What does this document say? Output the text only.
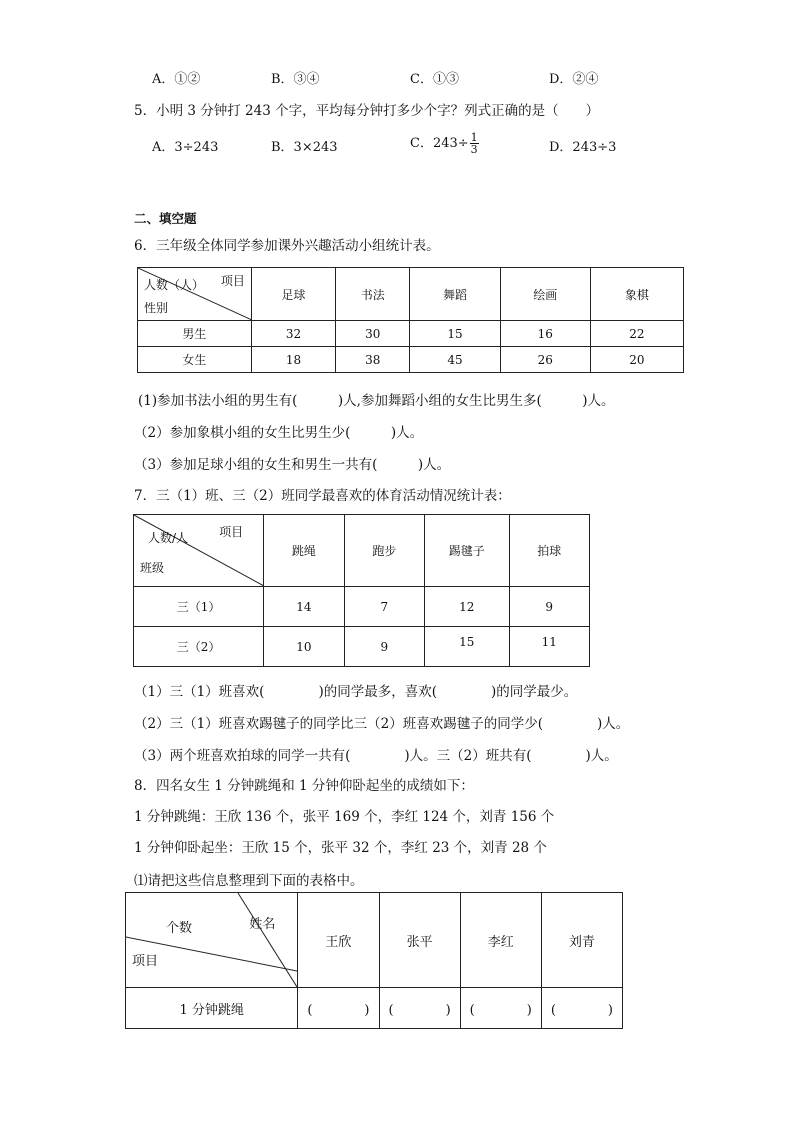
A．①②	B．③④	C．①③	D．②④
5．小明 3 分钟打 243 个字，平均每分钟打多少个字？列式正确的是（　　）
A．3÷243	B．3×243	C．$243\div \frac{1}{3}$	D．243÷3
二、填空题
6．三年级全体同学参加课外兴趣活动小组统计表。
项目
人数（人）
性别	足球	书法	舞蹈	绘画	象棋
男生	32	30	15	16	22
女生	18	38	45	26	20
(1)参加书法小组的男生有(　　　)人,参加舞蹈小组的女生比男生多(　　　)人。
（2）参加象棋小组的女生比男生少(　　　)人。
（3）参加足球小组的女生和男生一共有(　　　)人。
7．三（1）班、三（2）班同学最喜欢的体育活动情况统计表：
项目
人数/人
班级	跳绳	跑步	踢毽子	拍球
三（1）	14	7	12	9
三（2）	10	9	15	11
（1）三（1）班喜欢(　　　　)的同学最多，喜欢(　　　　)的同学最少。
（2）三（1）班喜欢踢毽子的同学比三（2）班喜欢踢毽子的同学少(　　　　)人。
（3）两个班喜欢拍球的同学一共有(　　　　)人。三（2）班共有(　　　　)人。
8．四名女生 1 分钟跳绳和 1 分钟仰卧起坐的成绩如下：
1 分钟跳绳：王欣 136 个，张平 169 个，李红 124 个，刘青 156 个
1 分钟仰卧起坐：王欣 15 个，张平 32 个，李红 23 个，刘青 28 个
⑴请把这些信息整理到下面的表格中。
姓名
个数
项目	王欣	张平	李红	刘青
1 分钟跳绳	(　　　　)	(　　　　)	(　　　　)	(　　　　)
